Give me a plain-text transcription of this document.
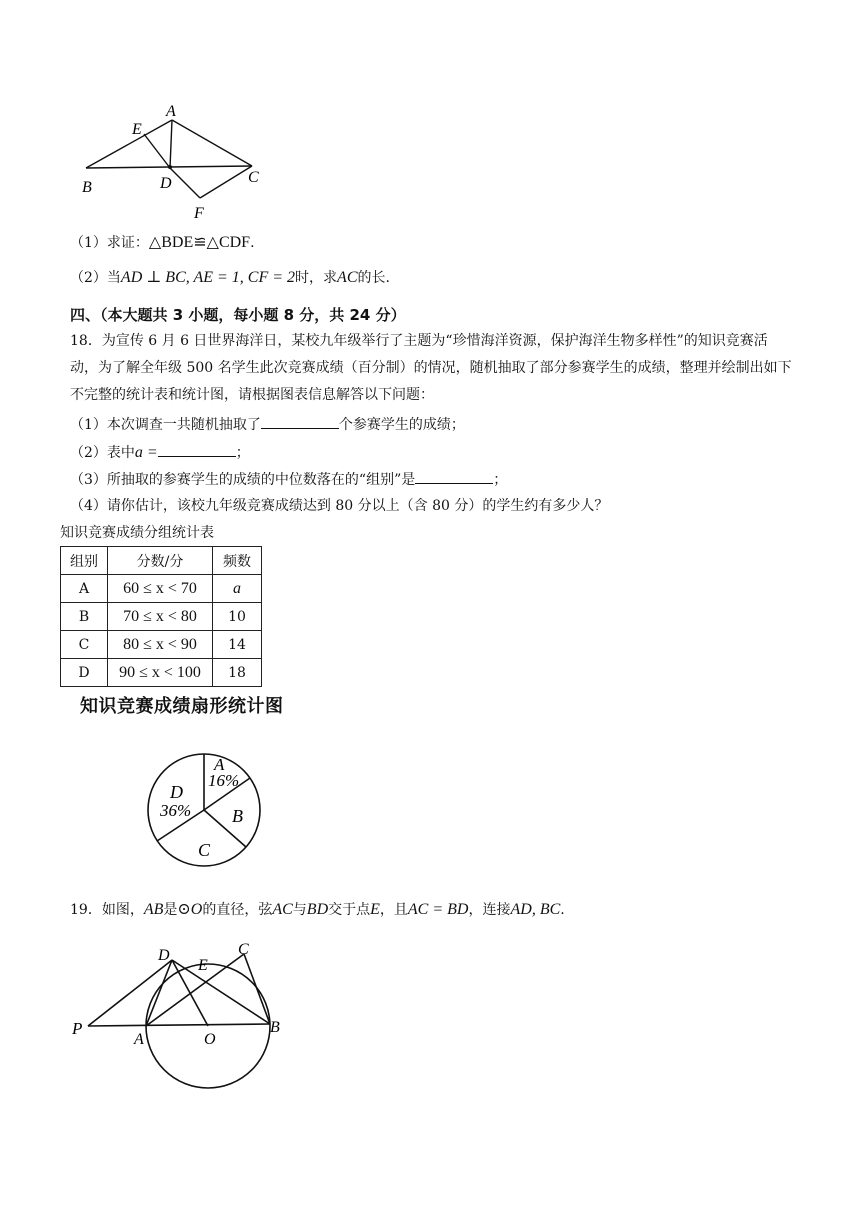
A
E
B	D	C
F
（1）求证：△BDE≌△CDF.
（2）当AD ⊥ BC, AE = 1, CF = 2时，求AC的长.
四、（本大题共 3 小题，每小题 8 分，共 24 分）
18．为宣传 6 月 6 日世界海洋日，某校九年级举行了主题为“珍惜海洋资源，保护海洋生物多样性”的知识竞赛活动，为了解全年级 500 名学生此次竞赛成绩（百分制）的情况，随机抽取了部分参赛学生的成绩，整理并绘制出如下不完整的统计表和统计图，请根据图表信息解答以下问题：
（1）本次调查一共随机抽取了	个参赛学生的成绩；
（2）表中a =	；
（3）所抽取的参赛学生的成绩的中位数落在的“组别”是	；
（4）请你估计，该校九年级竞赛成绩达到 80 分以上（含 80 分）的学生约有多少人？
知识竞赛成绩分组统计表
组别	分数/分	频数
A	60 ≤ x < 70	a
B	70 ≤ x < 80	10
C	80 ≤ x < 90	14
D	90 ≤ x < 100	18
知识竞赛成绩扇形统计图
A
16%
D
36% B
C
19．如图，AB是⊙O的直径，弦AC与BD交于点E，且AC = BD，连接AD, BC.
P
A	O
B
D
E
C
